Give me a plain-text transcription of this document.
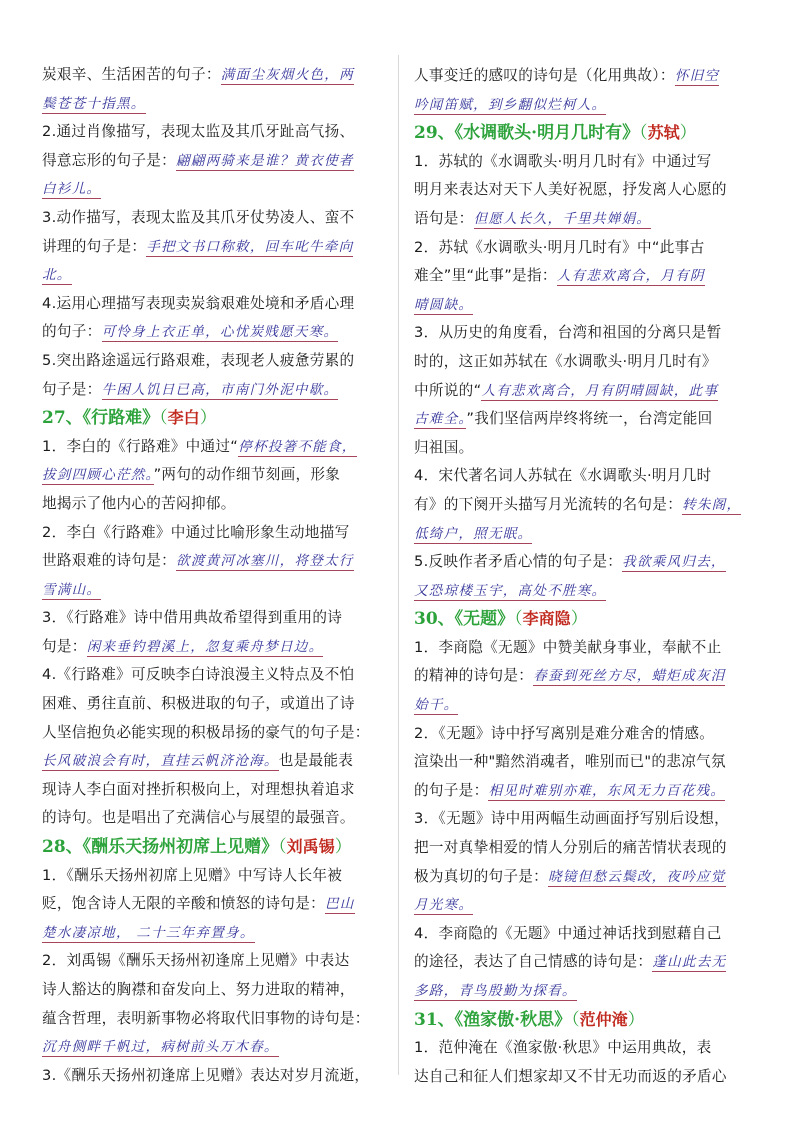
炭艰辛、生活困苦的句子：满面尘灰烟火色，两
鬓苍苍十指黑。
2.通过肖像描写，表现太监及其爪牙趾高气扬、
得意忘形的句子是：翩翩两骑来是谁？黄衣使者
白衫儿。
3.动作描写，表现太监及其爪牙仗势凌人、蛮不
讲理的句子是：手把文书口称敕，回车叱牛牵向
北。
4.运用心理描写表现卖炭翁艰难处境和矛盾心理
的句子：可怜身上衣正单，心忧炭贱愿天寒。
5.突出路途遥远行路艰难，表现老人疲惫劳累的
句子是：牛困人饥日已高，市南门外泥中歇。
27、《行路难》（李白）
1．李白的《行路难》中通过“停杯投箸不能食，
拔剑四顾心茫然。”两句的动作细节刻画，形象
地揭示了他内心的苦闷抑郁。
2．李白《行路难》中通过比喻形象生动地描写
世路艰难的诗句是：欲渡黄河冰塞川，将登太行
雪满山。
3．《行路难》诗中借用典故希望得到重用的诗
句是：闲来垂钓碧溪上，忽复乘舟梦日边。
4.《行路难》可反映李白诗浪漫主义特点及不怕
困难、勇往直前、积极进取的句子，或道出了诗
人坚信抱负必能实现的积极昂扬的豪气的句子是：
长风破浪会有时，直挂云帆济沧海。也是最能表
现诗人李白面对挫折积极向上，对理想执着追求
的诗句。也是唱出了充满信心与展望的最强音。
28、《酬乐天扬州初席上见赠》（刘禹锡）
1．《酬乐天扬州初席上见赠》中写诗人长年被
贬，饱含诗人无限的辛酸和愤怒的诗句是：巴山
楚水凄凉地， 二十三年弃置身。
2．刘禹锡《酬乐天扬州初逢席上见赠》中表达
诗人豁达的胸襟和奋发向上、努力进取的精神，
蕴含哲理，表明新事物必将取代旧事物的诗句是：
沉舟侧畔千帆过，病树前头万木春。
3.《酬乐天扬州初逢席上见赠》表达对岁月流逝，
人事变迁的感叹的诗句是（化用典故）：怀旧空
吟闻笛赋，到乡翻似烂柯人。
29、《水调歌头·明月几时有》（苏轼）
1．苏轼的《水调歌头·明月几时有》中通过写
明月来表达对天下人美好祝愿，抒发离人心愿的
语句是：但愿人长久，千里共婵娟。
2．苏轼《水调歌头·明月几时有》中“此事古
难全”里“此事”是指：人有悲欢离合，月有阴
晴圆缺。
3．从历史的角度看，台湾和祖国的分离只是暂
时的，这正如苏轼在《水调歌头·明月几时有》
中所说的“人有悲欢离合，月有阴晴圆缺，此事
古难全。”我们坚信两岸终将统一，台湾定能回
归祖国。
4．宋代著名词人苏轼在《水调歌头·明月几时
有》的下阕开头描写月光流转的名句是：转朱阁，
低绮户，照无眠。
5.反映作者矛盾心情的句子是：我欲乘风归去，
又恐琼楼玉宇，高处不胜寒。
30、《无题》（李商隐）
1．李商隐《无题》中赞美献身事业，奉献不止
的精神的诗句是：春蚕到死丝方尽，蜡炬成灰泪
始干。
2．《无题》诗中抒写离别是难分难舍的情感。
渲染出一种"黯然消魂者，唯别而已"的悲凉气氛
的句子是：相见时难别亦难，东风无力百花残。
3．《无题》诗中用两幅生动画面抒写别后设想，
把一对真挚相爱的情人分别后的痛苦情状表现的
极为真切的句子是：晓镜但愁云鬓改，夜吟应觉
月光寒。
4．李商隐的《无题》中通过神话找到慰藉自己
的途径，表达了自己情感的诗句是：蓬山此去无
多路，青鸟殷勤为探看。
31、《渔家傲·秋思》（范仲淹）
1．范仲淹在《渔家傲·秋思》中运用典故，表
达自己和征人们想家却又不甘无功而返的矛盾心
